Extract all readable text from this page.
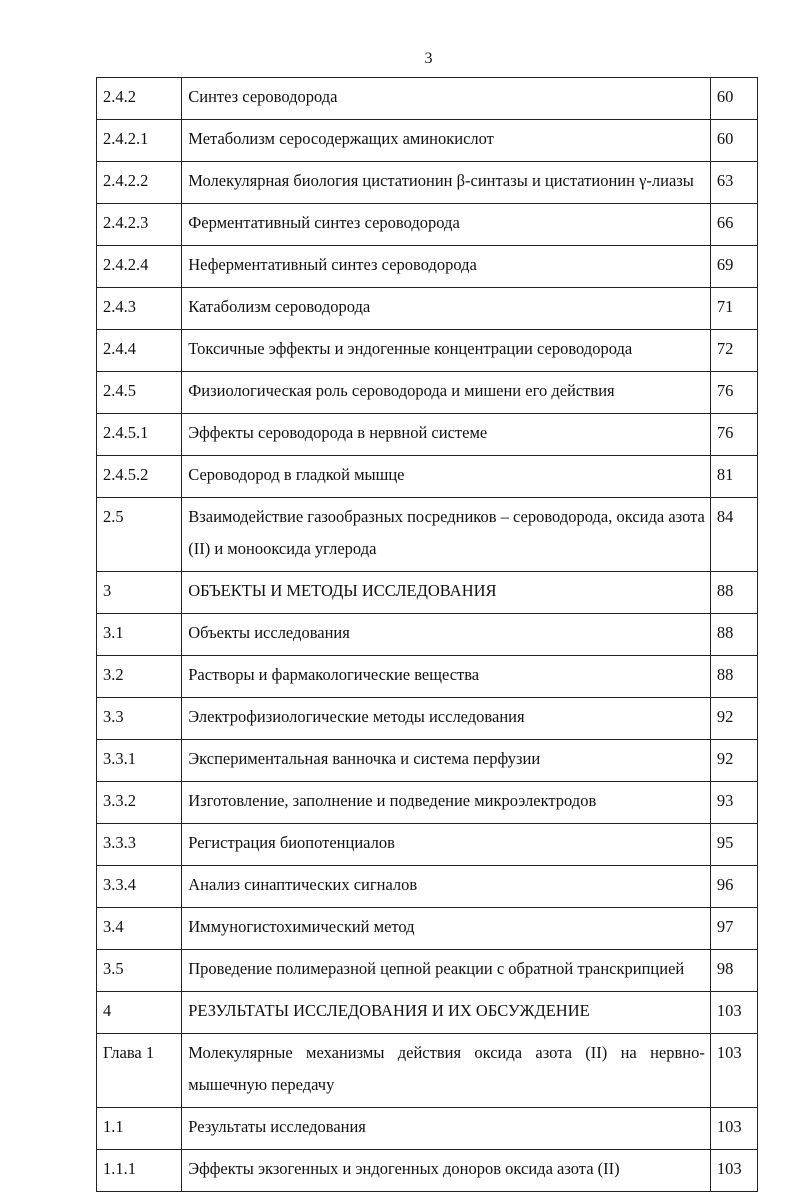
3
2.4.2	Синтез сероводорода	60
2.4.2.1	Метаболизм серосодержащих аминокислот	60
2.4.2.2	Молекулярная биология цистатионин β-синтазы и цистатионин γ-лиазы	63
2.4.2.3	Ферментативный синтез сероводорода	66
2.4.2.4	Неферментативный синтез сероводорода	69
2.4.3	Катаболизм сероводорода	71
2.4.4	Токсичные эффекты и эндогенные концентрации сероводорода	72
2.4.5	Физиологическая роль сероводорода и мишени его действия	76
2.4.5.1	Эффекты сероводорода в нервной системе	76
2.4.5.2	Сероводород в гладкой мышце	81
2.5	Взаимодействие газообразных посредников – сероводорода, оксида азота (II) и монооксида углерода	84
3	ОБЪЕКТЫ И МЕТОДЫ ИССЛЕДОВАНИЯ	88
3.1	Объекты исследования	88
3.2	Растворы и фармакологические вещества	88
3.3	Электрофизиологические методы исследования	92
3.3.1	Экспериментальная ванночка и система перфузии	92
3.3.2	Изготовление, заполнение и подведение микроэлектродов	93
3.3.3	Регистрация биопотенциалов	95
3.3.4	Анализ синаптических сигналов	96
3.4	Иммуногистохимический метод	97
3.5	Проведение полимеразной цепной реакции с обратной транскрипцией	98
4	РЕЗУЛЬТАТЫ ИССЛЕДОВАНИЯ И ИХ ОБСУЖДЕНИЕ	103
Глава 1	Молекулярные механизмы действия оксида азота (II) на нервно-мышечную передачу	103
1.1	Результаты исследования	103
1.1.1	Эффекты экзогенных и эндогенных доноров оксида азота (II)	103
